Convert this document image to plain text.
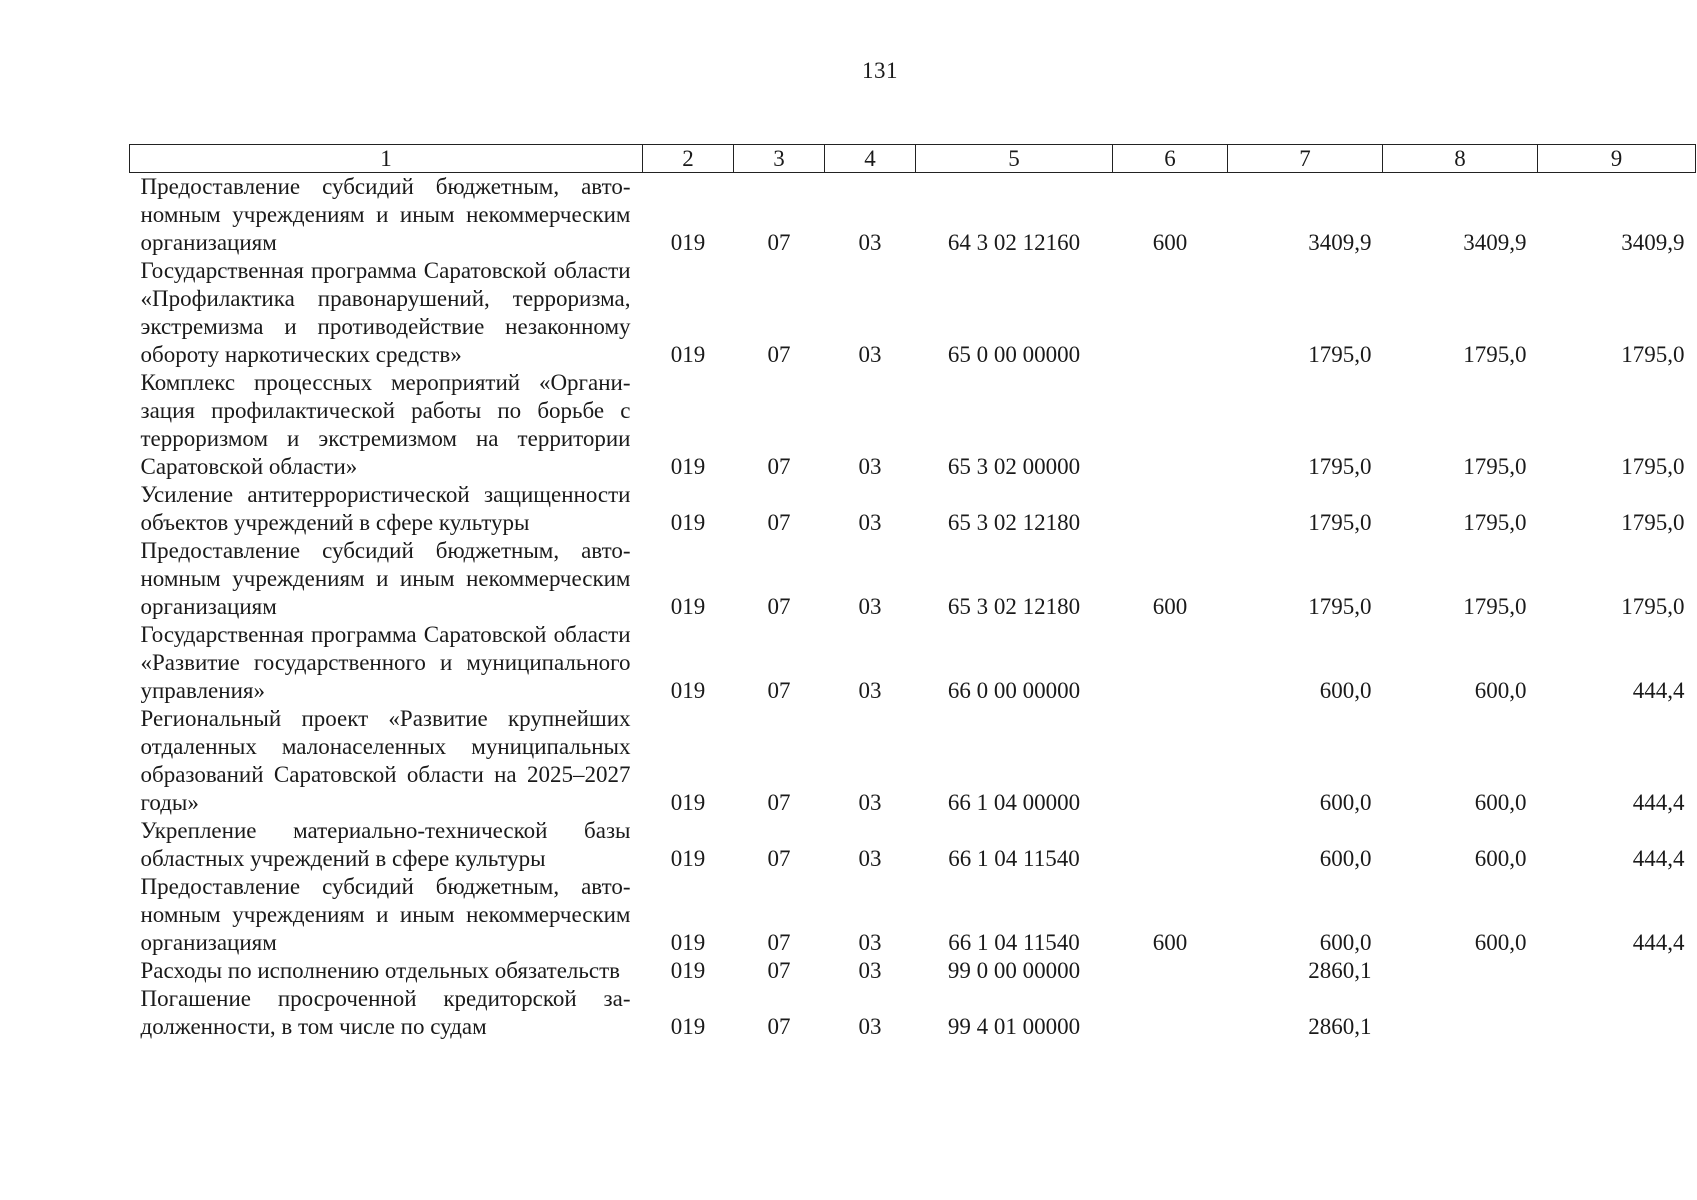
131
1	2	3	4	5	6	7	8	9
Предоставление субсидий бюджетным, автономным учреждениям и иным некоммерческим организациям	019	07	03	64 3 02 12160	600	3409,9	3409,9	3409,9
Государственная программа Саратовской области «Профилактика правонарушений, терроризма, экстремизма и противодействие незаконному обороту наркотических средств»	019	07	03	65 0 00 00000		1795,0	1795,0	1795,0
Комплекс процессных мероприятий «Организация профилактической работы по борьбе с терроризмом и экстремизмом на территории Саратовской области»	019	07	03	65 3 02 00000		1795,0	1795,0	1795,0
Усиление антитеррористической защищенности объектов учреждений в сфере культуры	019	07	03	65 3 02 12180		1795,0	1795,0	1795,0
Предоставление субсидий бюджетным, автономным учреждениям и иным некоммерческим организациям	019	07	03	65 3 02 12180	600	1795,0	1795,0	1795,0
Государственная программа Саратовской области «Развитие государственного и муниципального управления»	019	07	03	66 0 00 00000		600,0	600,0	444,4
Региональный проект «Развитие крупнейших отдаленных малонаселенных муниципальных образований Саратовской области на 2025–2027 годы»	019	07	03	66 1 04 00000		600,0	600,0	444,4
Укрепление материально-технической базы областных учреждений в сфере культуры	019	07	03	66 1 04 11540		600,0	600,0	444,4
Предоставление субсидий бюджетным, автономным учреждениям и иным некоммерческим организациям	019	07	03	66 1 04 11540	600	600,0	600,0	444,4
Расходы по исполнению отдельных обязательств	019	07	03	99 0 00 00000		2860,1		
Погашение просроченной кредиторской задолженности, в том числе по судам	019	07	03	99 4 01 00000		2860,1		
